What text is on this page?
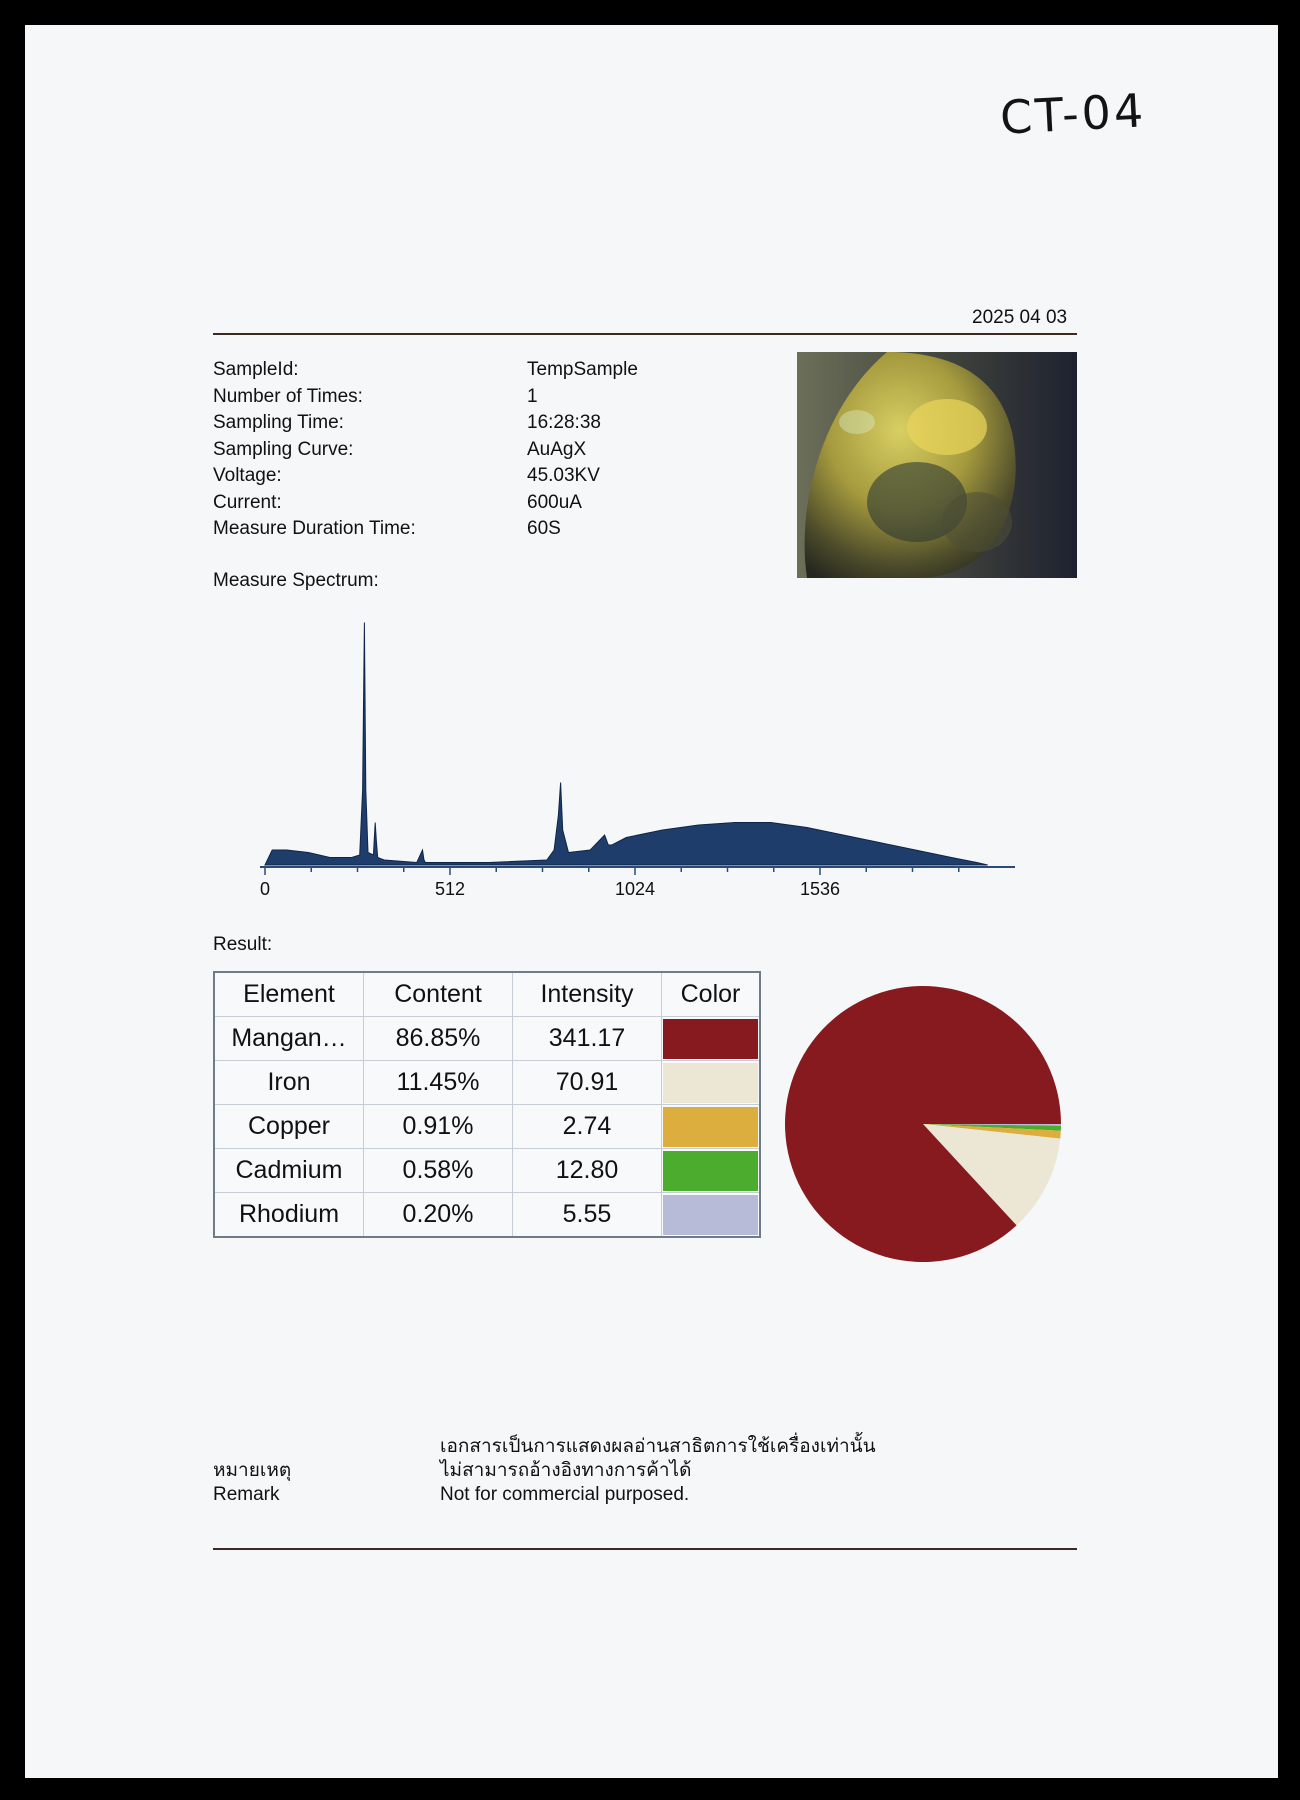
CT-04
2025 04 03
SampleId:	TempSample
Number of Times:	1
Sampling Time:	16:28:38
Sampling Curve:	AuAgX
Voltage:	45.03KV
Current:	600uA
Measure Duration Time:	60S
Measure Spectrum:
0	512	1024	1536
Result:
Element	Content	Intensity	Color
Mangan…	86.85%	341.17	

Iron	11.45%	70.91	

Copper	0.91%	2.74	

Cadmium	0.58%	12.80	

Rhodium	0.20%	5.55	
หมายเหตุ
Remark
เอกสารเป็นการแสดงผลอ่านสาธิตการใช้เครื่องเท่านั้น
ไม่สามารถอ้างอิงทางการค้าได้
Not for commercial purposed.
